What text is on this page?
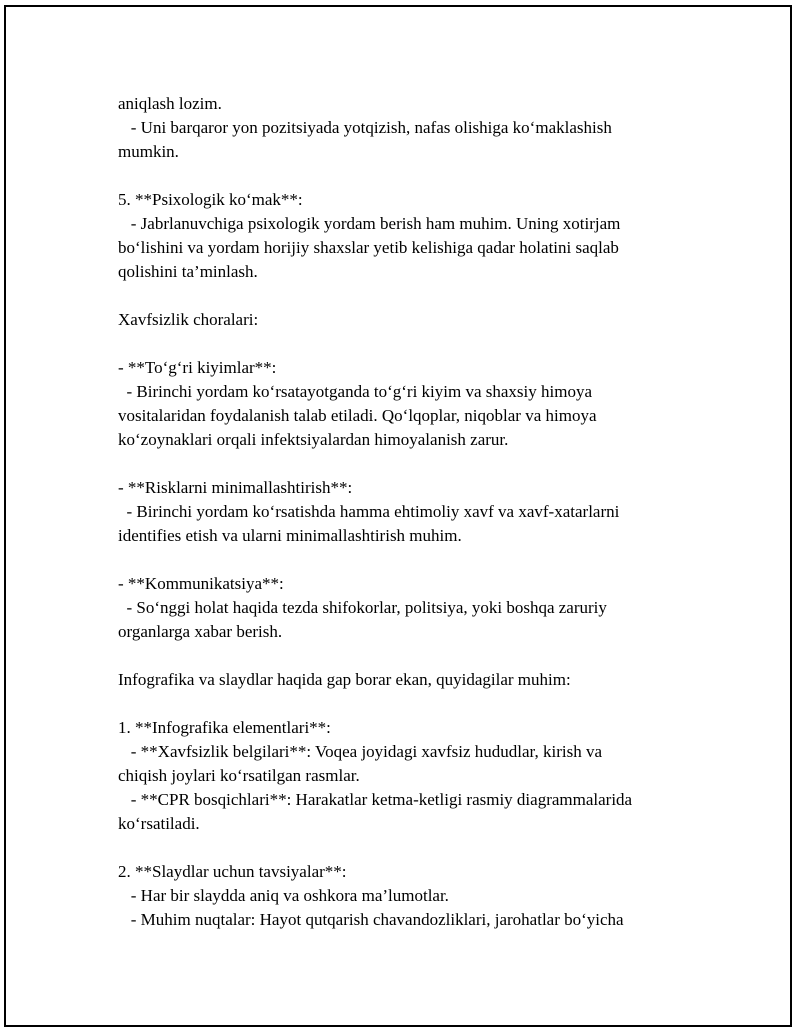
aniqlash lozim.
- Uni barqaror yon pozitsiyada yotqizish, nafas olishiga koʻmaklashish
mumkin.
5. **Psixologik koʻmak**:
- Jabrlanuvchiga psixologik yordam berish ham muhim. Uning xotirjam
boʻlishini va yordam horijiy shaxslar yetib kelishiga qadar holatini saqlab
qolishini ta’minlash.
Xavfsizlik choralari:
- **Toʻgʻri kiyimlar**:
- Birinchi yordam koʻrsatayotganda toʻgʻri kiyim va shaxsiy himoya
vositalaridan foydalanish talab etiladi. Qoʻlqoplar, niqoblar va himoya
koʻzoynaklari orqali infektsiyalardan himoyalanish zarur.
- **Risklarni minimallashtirish**:
- Birinchi yordam koʻrsatishda hamma ehtimoliy xavf va xavf-xatarlarni
identifies etish va ularni minimallashtirish muhim.
- **Kommunikatsiya**:
- Soʻnggi holat haqida tezda shifokorlar, politsiya, yoki boshqa zaruriy
organlarga xabar berish.
Infografika va slaydlar haqida gap borar ekan, quyidagilar muhim:
1. **Infografika elementlari**:
- **Xavfsizlik belgilari**: Voqea joyidagi xavfsiz hududlar, kirish va
chiqish joylari koʻrsatilgan rasmlar.
- **CPR bosqichlari**: Harakatlar ketma-ketligi rasmiy diagrammalarida
koʻrsatiladi.
2. **Slaydlar uchun tavsiyalar**:
- Har bir slaydda aniq va oshkora ma’lumotlar.
- Muhim nuqtalar: Hayot qutqarish chavandozliklari, jarohatlar boʻyicha
